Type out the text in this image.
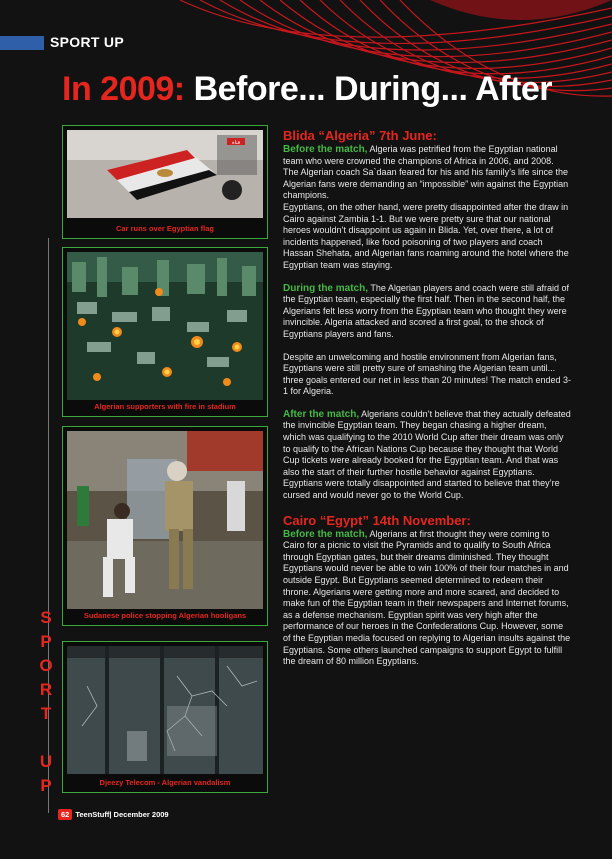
SPORT UP
In 2009: Before... During... After
S
P
O
R
T

U
P
قناة
Car runs over Egyptian flag
Algerian supporters with fire in stadium
Sudanese police stopping Algerian hooligans
Djeezy Telecom - Algerian vandalism
Blida “Algeria” 7th June:

Before the match, Algeria was petrified from the Egyptian national team who were crowned the champions of Africa in 2006, and 2008. The Algerian coach Sa`daan feared for his and his family’s life since the Algerian fans were demanding an “impossible” win against the Egyptian champions.

Egyptians, on the other hand, were pretty disappointed after the draw in Cairo against Zambia 1-1. But we were pretty sure that our national heroes wouldn’t disappoint us again in Blida. Yet, over there, a lot of incidents happened, like food poisoning of two players and coach Hassan Shehata, and Algerian fans roaming around the hotel where the Egyptian team was staying.

During the match, The Algerian players and coach were still afraid of the Egyptian team, especially the first half. Then in the second half, the Algerians felt less worry from the Egyptian team who thought they were invincible. Algeria attacked and scored a first goal, to the shock of Egyptians players and fans.

Despite an unwelcoming and hostile environment from Algerian fans, Egyptians were still pretty sure of smashing the Algerian team until... three goals entered our net in less than 20 minutes! The match ended 3-1 for Algeria.

After the match, Algerians couldn’t believe that they actually defeated the invincible Egyptian team. They began chasing a higher dream, which was qualifying to the 2010 World Cup after their dream was only to qualify to the African Nations Cup because they thought that World Cup tickets were already booked for the Egyptian team. And that was also the start of their further hostile behavior against Egyptians. Egyptians were totally disappointed and started to believe that they’re cursed and would never go to the World Cup.

Cairo “Egypt” 14th November:

Before the match, Algerians at first thought they were coming to Cairo for a picnic to visit the Pyramids and to qualify to South Africa through Egyptian gates, but their dreams diminished. They thought Egyptians would never be able to win 100% of their four matches in and outside Egypt. But Egyptians seemed determined to redeem their throne. Algerians were getting more and more scared, and decided to make fun of the Egyptian team in their newspapers and Internet forums, as a defense mechanism. Egyptian spirit was very high after the performance of our heroes in the Confederations Cup. However, some of the Egyptian media focused on replying to Algerian insults against the Egyptians. Some others launched campaigns to support Egypt to fulfill the dream of 80 million Egyptians.

62 TeenStuff| December 2009
